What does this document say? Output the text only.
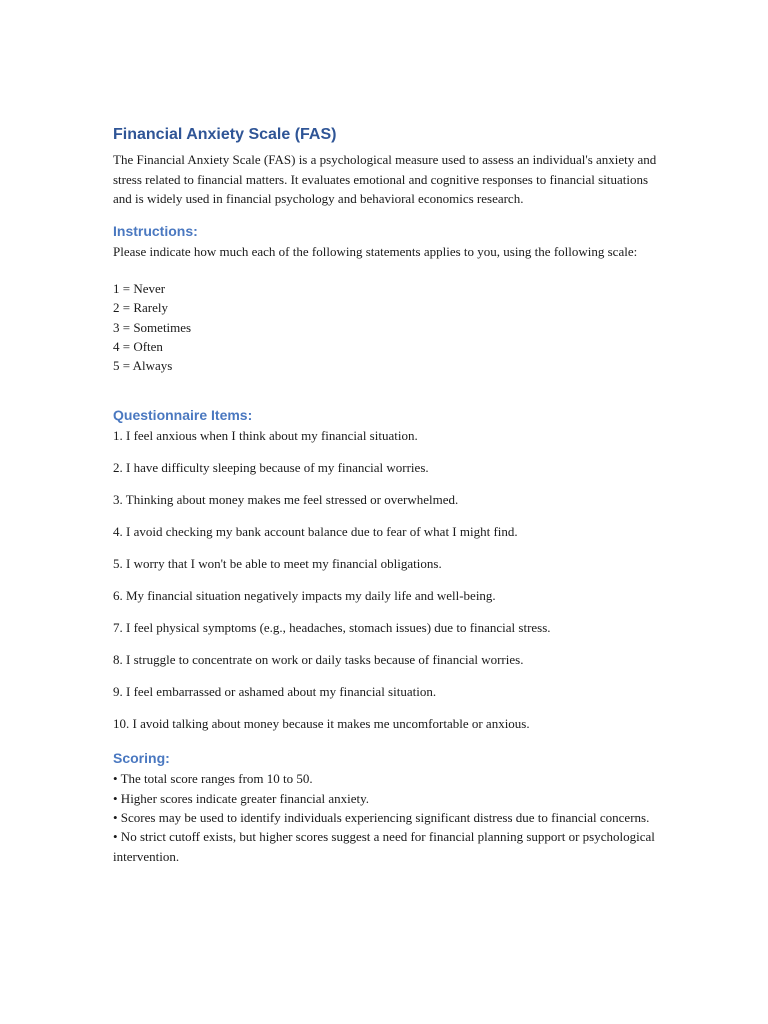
Financial Anxiety Scale (FAS)

The Financial Anxiety Scale (FAS) is a psychological measure used to assess an individual's anxiety and stress related to financial matters. It evaluates emotional and cognitive responses to financial situations and is widely used in financial psychology and behavioral economics research.

Instructions:

Please indicate how much each of the following statements applies to you, using the following scale:

1 = Never
2 = Rarely
3 = Sometimes
4 = Often
5 = Always
Questionnaire Items:
1. I feel anxious when I think about my financial situation.
2. I have difficulty sleeping because of my financial worries.
3. Thinking about money makes me feel stressed or overwhelmed.
4. I avoid checking my bank account balance due to fear of what I might find.
5. I worry that I won't be able to meet my financial obligations.
6. My financial situation negatively impacts my daily life and well-being.
7. I feel physical symptoms (e.g., headaches, stomach issues) due to financial stress.
8. I struggle to concentrate on work or daily tasks because of financial worries.
9. I feel embarrassed or ashamed about my financial situation.
10. I avoid talking about money because it makes me uncomfortable or anxious.
Scoring:
• The total score ranges from 10 to 50.
• Higher scores indicate greater financial anxiety.
• Scores may be used to identify individuals experiencing significant distress due to financial concerns.
• No strict cutoff exists, but higher scores suggest a need for financial planning support or psychological intervention.
